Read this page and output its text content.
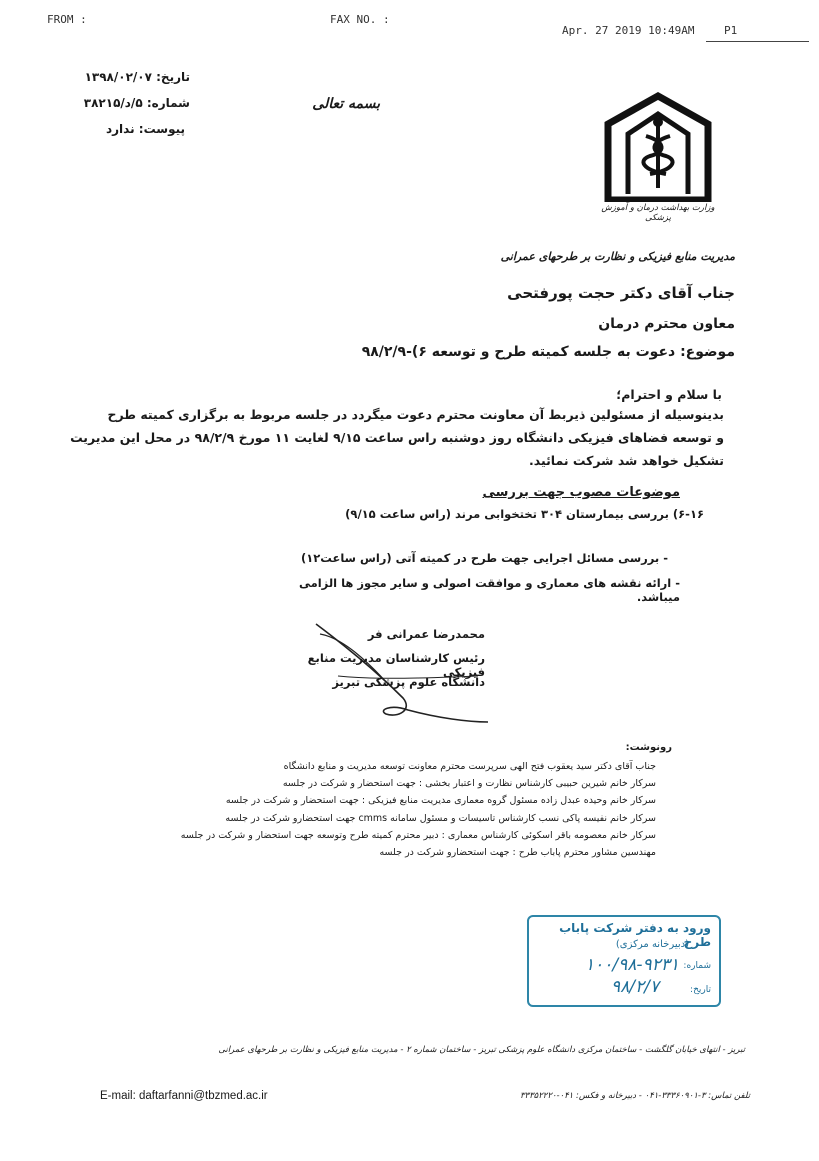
FROM :	FAX NO. :
Apr. 27 2019 10:49AM	P1
تاریخ: ۱۳۹۸/۰۲/۰۷
شماره: ۵/د/۳۸۲۱۵
پیوست: ندارد
بسمه تعالی
وزارت بهداشت درمان و آموزش پزشکی
مدیریت منابع فیزیکی و نظارت بر طرحهای عمرانی
جناب آقای دکتر حجت پورفتحی
معاون محترم درمان
موضوع: دعوت به جلسه کمیته طرح و توسعه ۶)-۹۸/۲/۹
با سلام و احترام؛
بدینوسیله از مسئولین ذیربط آن معاونت محترم دعوت میگردد در جلسه مربوط به برگزاری کمیته طرح
و توسعه فضاهای فیزیکی دانشگاه روز دوشنبه راس ساعت ۹/۱۵ لغایت ۱۱ مورخ ۹۸/۲/۹ در محل این مدیریت
تشکیل خواهد شد شرکت نمائید.
موضوعات مصوب جهت بررسی
۶-۱۶) بررسی بیمارستان ۳۰۴ تختخوابی مرند (راس ساعت ۹/۱۵)
- بررسی مسائل اجرایی جهت طرح در کمیته آتی (راس ساعت۱۲)
- ارائه نقشه های معماری و موافقت اصولی و سایر مجوز ها الزامی میباشد.
محمدرضا عمرانی فر
رئیس کارشناسان مدیریت منابع فیزیکی
دانشگاه علوم پزشکی تبریز
رونوشت:
جناب آقای دکتر سید یعقوب فتح الهی سرپرست محترم معاونت توسعه مدیریت و منابع دانشگاه
سرکار خانم شیرین حبیبی کارشناس نظارت و اعتبار بخشی : جهت استحضار و شرکت در جلسه
سرکار خانم وحیده عبدل زاده مسئول گروه معماری مدیریت منابع فیزیکی : جهت استحضار و شرکت در جلسه
سرکار خانم نفیسه پاکی نسب کارشناس تاسیسات و مسئول سامانه cmms جهت استحضارو شرکت در جلسه
سرکار خانم معصومه باقر اسکوئی کارشناس معماری : دبیر محترم کمیته طرح وتوسعه جهت استحضار و شرکت در جلسه
مهندسین مشاور محترم پاباب طرح : جهت استحضارو شرکت در جلسه
ورود به دفتر شرکت پاباب طرح
(دبیرخانه مرکزی)
شماره:
۱۰۰/۹۸-۹۲۳۱
تاریخ:
۹۸/۲/۷
تبریز - انتهای خیابان گلگشت - ساختمان مرکزی دانشگاه علوم پزشکی تبریز - ساختمان شماره ۲ - مدیریت منابع فیزیکی و نظارت بر طرحهای عمرانی
E-mail: daftarfanni@tbzmed.ac.ir	تلفن تماس: ۳-۳۳۳۶۰۹۰۱-۰۴۱ - دبیرخانه و فکس: ۰۴۱-۳۳۳۵۲۲۲۰
